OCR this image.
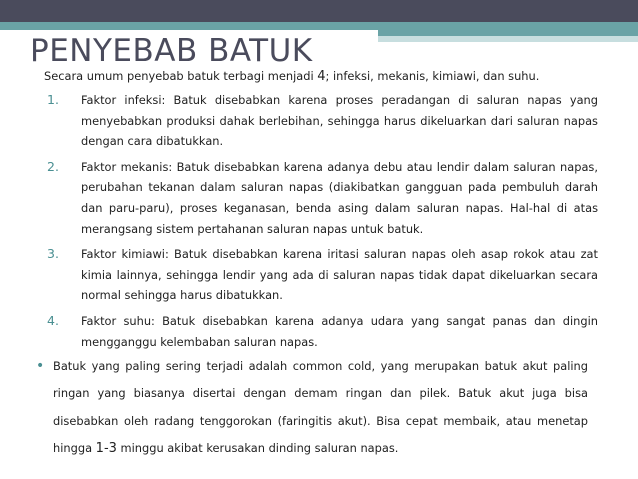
PENYEBAB BATUK
Secara umum penyebab batuk terbagi menjadi 4; infeksi, mekanis, kimiawi, dan suhu.
1. Faktor infeksi: Batuk disebabkan karena proses peradangan di saluran napas yang menyebabkan produksi dahak berlebihan, sehingga harus dikeluarkan dari saluran napas dengan cara dibatukkan.
2. Faktor mekanis: Batuk disebabkan karena adanya debu atau lendir dalam saluran napas, perubahan tekanan dalam saluran napas (diakibatkan gangguan pada pembuluh darah dan paru-paru), proses keganasan, benda asing dalam saluran napas. Hal-hal di atas merangsang sistem pertahanan saluran napas untuk batuk.
3. Faktor kimiawi: Batuk disebabkan karena iritasi saluran napas oleh asap rokok atau zat kimia lainnya, sehingga lendir yang ada di saluran napas tidak dapat dikeluarkan secara normal sehingga harus dibatukkan.
4. Faktor suhu: Batuk disebabkan karena adanya udara yang sangat panas dan dingin mengganggu kelembaban saluran napas.
• Batuk yang paling sering terjadi adalah common cold, yang merupakan batuk akut paling ringan yang biasanya disertai dengan demam ringan dan pilek. Batuk akut juga bisa disebabkan oleh radang tenggorokan (faringitis akut). Bisa cepat membaik, atau menetap hingga 1-3 minggu akibat kerusakan dinding saluran napas.
